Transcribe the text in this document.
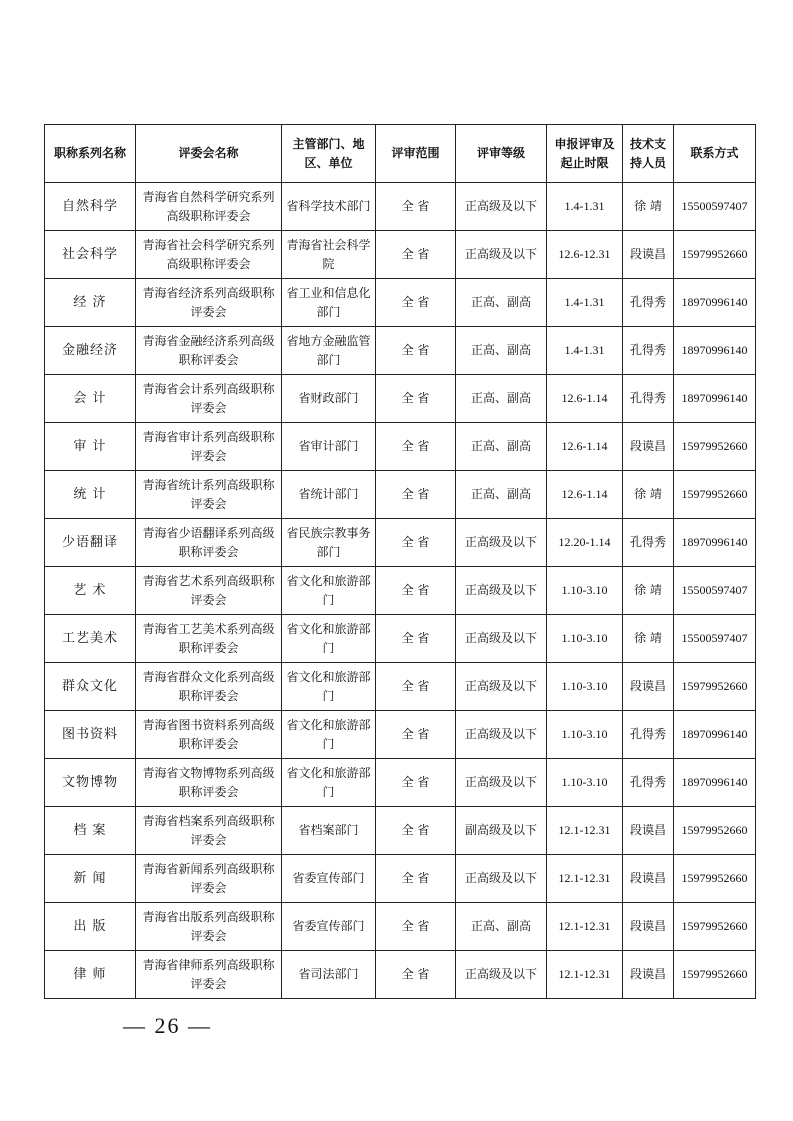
职称系列名称	评委会名称	主管部门、地区、单位	评审范围	评审等级	申报评审及起止时限	技术支持人员	联系方式
自然科学	青海省自然科学研究系列高级职称评委会	省科学技术部门	全 省	正高级及以下	1.4-1.31	徐 靖	15500597407
社会科学	青海省社会科学研究系列高级职称评委会	青海省社会科学院	全 省	正高级及以下	12.6-12.31	段谟昌	15979952660
经 济	青海省经济系列高级职称评委会	省工业和信息化部门	全 省	正高、副高	1.4-1.31	孔得秀	18970996140
金融经济	青海省金融经济系列高级职称评委会	省地方金融监管部门	全 省	正高、副高	1.4-1.31	孔得秀	18970996140
会 计	青海省会计系列高级职称评委会	省财政部门	全 省	正高、副高	12.6-1.14	孔得秀	18970996140
审 计	青海省审计系列高级职称评委会	省审计部门	全 省	正高、副高	12.6-1.14	段谟昌	15979952660
统 计	青海省统计系列高级职称评委会	省统计部门	全 省	正高、副高	12.6-1.14	徐 靖	15979952660
少语翻译	青海省少语翻译系列高级职称评委会	省民族宗教事务部门	全 省	正高级及以下	12.20-1.14	孔得秀	18970996140
艺 术	青海省艺术系列高级职称评委会	省文化和旅游部门	全 省	正高级及以下	1.10-3.10	徐 靖	15500597407
工艺美术	青海省工艺美术系列高级职称评委会	省文化和旅游部门	全 省	正高级及以下	1.10-3.10	徐 靖	15500597407
群众文化	青海省群众文化系列高级职称评委会	省文化和旅游部门	全 省	正高级及以下	1.10-3.10	段谟昌	15979952660
图书资料	青海省图书资料系列高级职称评委会	省文化和旅游部门	全 省	正高级及以下	1.10-3.10	孔得秀	18970996140
文物博物	青海省文物博物系列高级职称评委会	省文化和旅游部门	全 省	正高级及以下	1.10-3.10	孔得秀	18970996140
档 案	青海省档案系列高级职称评委会	省档案部门	全 省	副高级及以下	12.1-12.31	段谟昌	15979952660
新 闻	青海省新闻系列高级职称评委会	省委宣传部门	全 省	正高级及以下	12.1-12.31	段谟昌	15979952660
出 版	青海省出版系列高级职称评委会	省委宣传部门	全 省	正高、副高	12.1-12.31	段谟昌	15979952660
律 师	青海省律师系列高级职称评委会	省司法部门	全 省	正高级及以下	12.1-12.31	段谟昌	15979952660
— 26 —
